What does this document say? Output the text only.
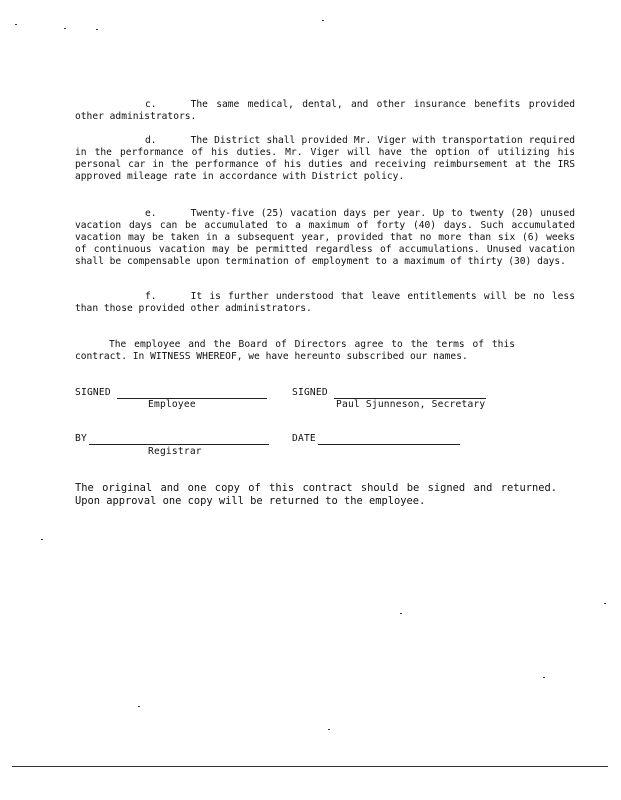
c.	The same medical, dental, and other insurance benefits provided other administrators.
d.	The District shall provided Mr. Viger with transportation required in the performance of his duties. Mr. Viger will have the option of utilizing his personal car in the performance of his duties and receiving reimbursement at the IRS approved mileage rate in accordance with District policy.
e.	Twenty-five (25) vacation days per year. Up to twenty (20) unused vacation days can be accumulated to a maximum of forty (40) days. Such accumulated vacation may be taken in a subsequent year, provided that no more than six (6) weeks of continuous vacation may be permitted regardless of accumulations. Unused vacation shall be compensable upon termination of employment to a maximum of thirty (30) days.
f.	It is further understood that leave entitlements will be no less than those provided other administrators.
The employee and the Board of Directors agree to the terms of this contract. In WITNESS WHEREOF, we have hereunto subscribed our names.
SIGNED
Employee
SIGNED
Paul Sjunneson, Secretary
BY
Registrar
DATE
The original and one copy of this contract should be signed and returned. Upon approval one copy will be returned to the employee.
